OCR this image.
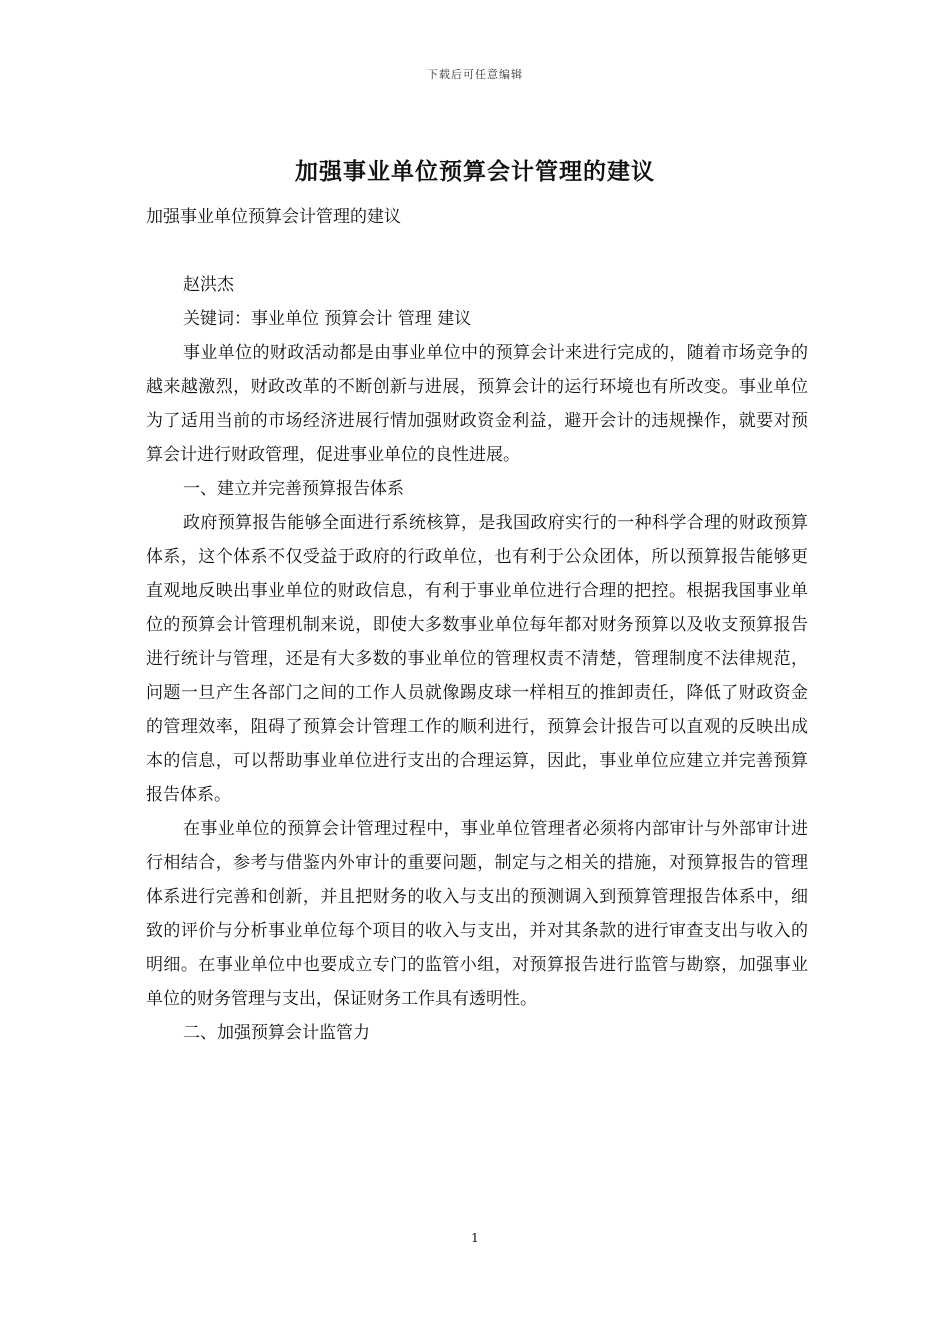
下载后可任意编辑
加强事业单位预算会计管理的建议

加强事业单位预算会计管理的建议

赵洪杰

关键词：事业单位 预算会计 管理 建议

事业单位的财政活动都是由事业单位中的预算会计来进行完成的，随着市场竞争的越来越激烈，财政改革的不断创新与进展，预算会计的运行环境也有所改变。事业单位为了适用当前的市场经济进展行情加强财政资金利益，避开会计的违规操作，就要对预算会计进行财政管理，促进事业单位的良性进展。

一、建立并完善预算报告体系

政府预算报告能够全面进行系统核算，是我国政府实行的一种科学合理的财政预算体系，这个体系不仅受益于政府的行政单位，也有利于公众团体，所以预算报告能够更直观地反映出事业单位的财政信息，有利于事业单位进行合理的把控。根据我国事业单位的预算会计管理机制来说，即使大多数事业单位每年都对财务预算以及收支预算报告进行统计与管理，还是有大多数的事业单位的管理权责不清楚，管理制度不法律规范，问题一旦产生各部门之间的工作人员就像踢皮球一样相互的推卸责任，降低了财政资金的管理效率，阻碍了预算会计管理工作的顺利进行，预算会计报告可以直观的反映出成本的信息，可以帮助事业单位进行支出的合理运算，因此，事业单位应建立并完善预算报告体系。

在事业单位的预算会计管理过程中，事业单位管理者必须将内部审计与外部审计进行相结合，参考与借鉴内外审计的重要问题，制定与之相关的措施，对预算报告的管理体系进行完善和创新，并且把财务的收入与支出的预测调入到预算管理报告体系中，细致的评价与分析事业单位每个项目的收入与支出，并对其条款的进行审查支出与收入的明细。在事业单位中也要成立专门的监管小组，对预算报告进行监管与勘察，加强事业单位的财务管理与支出，保证财务工作具有透明性。

二、加强预算会计监管力

1
